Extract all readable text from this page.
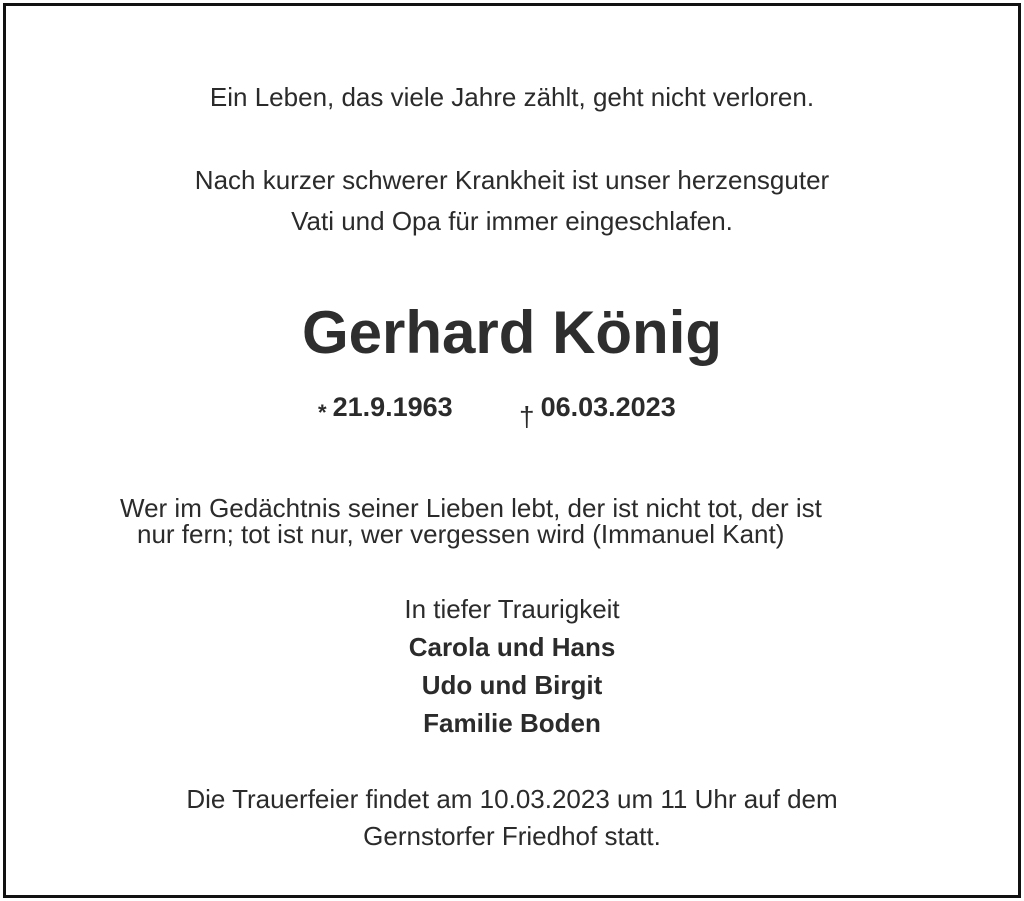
Ein Leben, das viele Jahre zählt, geht nicht verloren.
Nach kurzer schwerer Krankheit ist unser herzensguter
Vati und Opa für immer eingeschlafen.
Gerhard König
* 21.9.1963 † 06.03.2023
Wer im Gedächtnis seiner Lieben lebt, der ist nicht tot, der ist
nur fern; tot ist nur, wer vergessen wird (Immanuel Kant)
In tiefer Traurigkeit
Carola und Hans
Udo und Birgit
Familie Boden
Die Trauerfeier findet am 10.03.2023 um 11 Uhr auf dem
Gernstorfer Friedhof statt.
